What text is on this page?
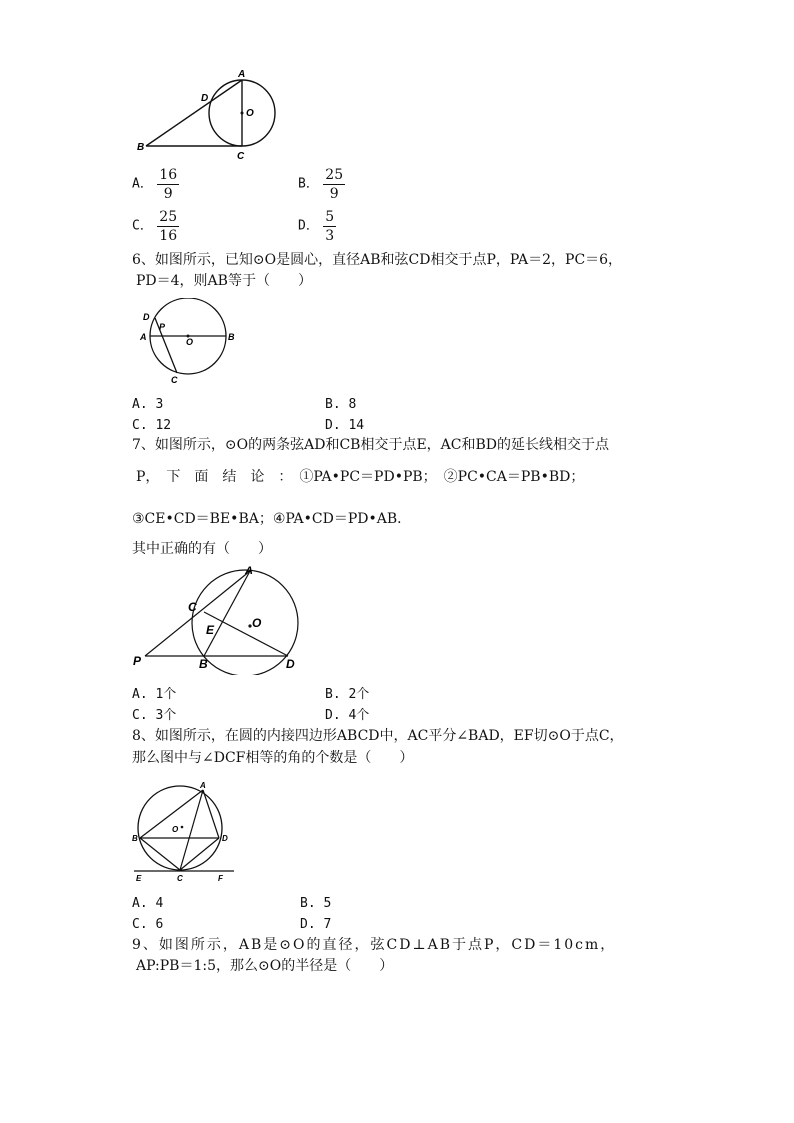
A
D
O
B
C
A． $\frac{16}{9}$	B． $\frac{25}{9}$
C． $\frac{25}{16}$	D． $\frac{5}{3}$
6、如图所示，已知⊙O是圆心，直径AB和弦CD相交于点P，PA＝2，PC＝6，
PD＝4，则AB等于（　　）
D
P
A	O	B
C
A. 3	B. 8
C. 12	D. 14
7、如图所示，⊙O的两条弦AD和CB相交于点E，AC和BD的延长线相交于点
P，　下　面　结　论　：　①PA•PC＝PD•PB；　②PC•CA＝PB•BD；
③CE•CD＝BE•BA；④PA•CD＝PD•AB．
其中正确的有（　　）
A
C
O
E
P	B	D
A. 1个	B. 2个
C. 3个	D. 4个
8、如图所示，在圆的内接四边形ABCD中，AC平分∠BAD，EF切⊙O于点C，
那么图中与∠DCF相等的角的个数是（　　）
A
B
O
D
E	C	F
A. 4	B. 5
C. 6	D. 7
9、如图所示，AB是⊙O的直径，弦CD⊥AB于点P，CD＝10cm，
AP:PB＝1:5，那么⊙O的半径是（　　）
